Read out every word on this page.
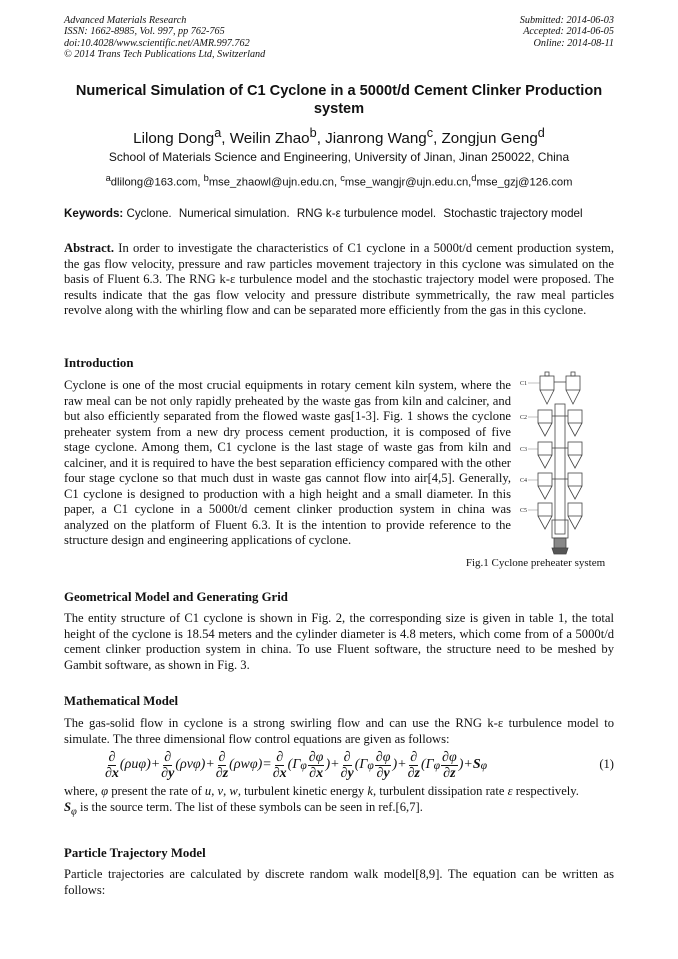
Advanced Materials Research
ISSN: 1662-8985, Vol. 997, pp 762-765
doi:10.4028/www.scientific.net/AMR.997.762
© 2014 Trans Tech Publications Ltd, Switzerland
Submitted: 2014-06-03
Accepted: 2014-06-05
Online: 2014-08-11
Numerical Simulation of C1 Cyclone in a 5000t/d Cement Clinker Production system
Lilong Dong$^a$, Weilin Zhao$^b$, Jianrong Wang$^c$, Zongjun Geng$^d$
School of Materials Science and Engineering, University of Jinan, Jinan 250022, China
$^a$dlilong@163.com, $^b$mse_zhaowl@ujn.edu.cn, $^c$mse_wangjr@ujn.edu.cn,$^d$mse_gzj@126.com
Keywords: Cyclone. Numerical simulation. RNG k-ε turbulence model. Stochastic trajectory model

Abstract. In order to investigate the characteristics of C1 cyclone in a 5000t/d cement production system, the gas flow velocity, pressure and raw particles movement trajectory in this cyclone was simulated on the basis of Fluent 6.3. The RNG k-ε turbulence model and the stochastic trajectory model were proposed. The results indicate that the gas flow velocity and pressure distribute symmetrically, the raw meal particles revolve along with the whirling flow and can be separated more efficiently from the gas in this cyclone.

Introduction

Cyclone is one of the most crucial equipments in rotary cement kiln system, where the raw meal can be not only rapidly preheated by the waste gas from kiln and calciner, and but also efficiently separated from the flowed waste gas[1-3]. Fig. 1 shows the cyclone preheater system from a new dry process cement production, it is composed of five stage cyclone. Among them, C1 cyclone is the last stage of waste gas from kiln and calciner, and it is required to have the best separation efficiency compared with the other four stage cyclone so that much dust in waste gas cannot flow into air[4,5]. Generally, C1 cyclone is designed to production with a high height and a small diameter. In this paper, a C1 cyclone in a 5000t/d cement clinker production system in china was analyzed on the platform of Fluent 6.3. It is the intention to provide reference to the structure design and engineering applications of cyclone.

C1
C2
C3
C4
C5
Fig.1 Cyclone preheater system
Geometrical Model and Generating Grid

The entity structure of C1 cyclone is shown in Fig. 2, the corresponding size is given in table 1, the total height of the cyclone is 18.54 meters and the cylinder diameter is 4.8 meters, which come from of a 5000t/d cement clinker production system in china. To use Fluent software, the structure need to be meshed by Gambit software, as shown in Fig. 3.

Mathematical Model

The gas-solid flow in cyclone is a strong swirling flow and can use the RNG k-ε turbulence model to simulate. The three dimensional flow control equations are given as follows:

$\frac{\partial}{\partial x}$ ( ρuφ )+ $\frac{\partial}{\partial y}$ ( ρvφ )+ $\frac{\partial}{\partial z}$ ( ρwφ )= $\frac{\partial}{\partial x} (\Gamma$ φ $\frac{\partial\varphi}{\partial x}$ )+ $\frac{\partial}{\partial y} (\Gamma$ φ $\frac{\partial\varphi}{\partial y}$ )+ $\frac{\partial}{\partial z} (\Gamma$ φ $\frac{\partial\varphi}{\partial z}$ )+ S φ	(1)

where, φ present the rate of u, v, w, turbulent kinetic energy k, turbulent dissipation rate ε respectively.
$S_\varphi$ is the source term. The list of these symbols can be seen in ref.[6,7].

Particle Trajectory Model

Particle trajectories are calculated by discrete random walk model[8,9]. The equation can be written as follows:
